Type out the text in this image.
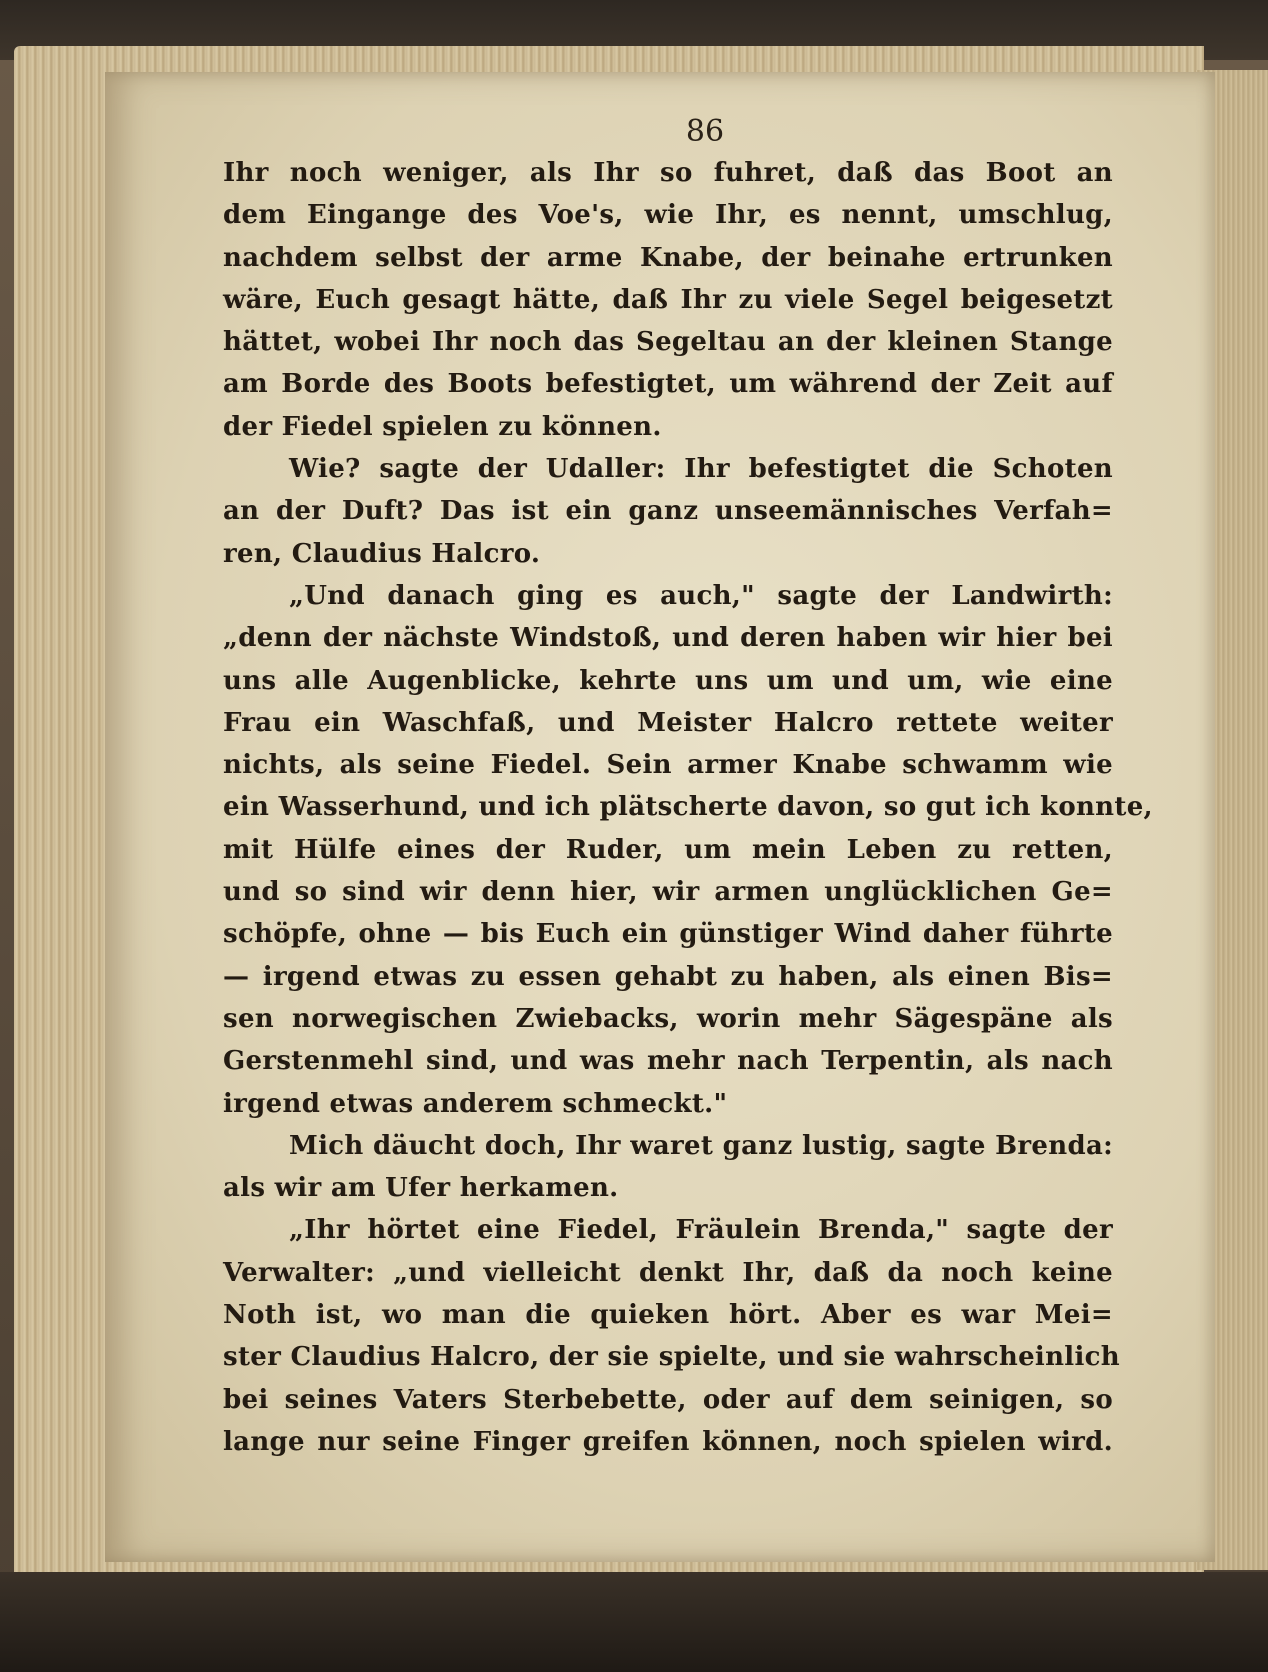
86
Ihr noch weniger, als Ihr so fuhret, daß das Boot an
dem Eingange des Voe's, wie Ihr, es nennt, umschlug,
nachdem selbst der arme Knabe, der beinahe ertrunken
wäre, Euch gesagt hätte, daß Ihr zu viele Segel beigesetzt
hättet, wobei Ihr noch das Segeltau an der kleinen Stange
am Borde des Boots befestigtet, um während der Zeit auf
der Fiedel spielen zu können.
Wie? sagte der Udaller: Ihr befestigtet die Schoten
an der Duft? Das ist ein ganz unseemännisches Verfah=
ren, Claudius Halcro.
„Und danach ging es auch," sagte der Landwirth:
„denn der nächste Windstoß, und deren haben wir hier bei
uns alle Augenblicke, kehrte uns um und um, wie eine
Frau ein Waschfaß, und Meister Halcro rettete weiter
nichts, als seine Fiedel. Sein armer Knabe schwamm wie
ein Wasserhund, und ich plätscherte davon, so gut ich konnte,
mit Hülfe eines der Ruder, um mein Leben zu retten,
und so sind wir denn hier, wir armen unglücklichen Ge=
schöpfe, ohne — bis Euch ein günstiger Wind daher führte
— irgend etwas zu essen gehabt zu haben, als einen Bis=
sen norwegischen Zwiebacks, worin mehr Sägespäne als
Gerstenmehl sind, und was mehr nach Terpentin, als nach
irgend etwas anderem schmeckt."
Mich däucht doch, Ihr waret ganz lustig, sagte Brenda:
als wir am Ufer herkamen.
„Ihr hörtet eine Fiedel, Fräulein Brenda," sagte der
Verwalter: „und vielleicht denkt Ihr, daß da noch keine
Noth ist, wo man die quieken hört. Aber es war Mei=
ster Claudius Halcro, der sie spielte, und sie wahrscheinlich
bei seines Vaters Sterbebette, oder auf dem seinigen, so
lange nur seine Finger greifen können, noch spielen wird.
